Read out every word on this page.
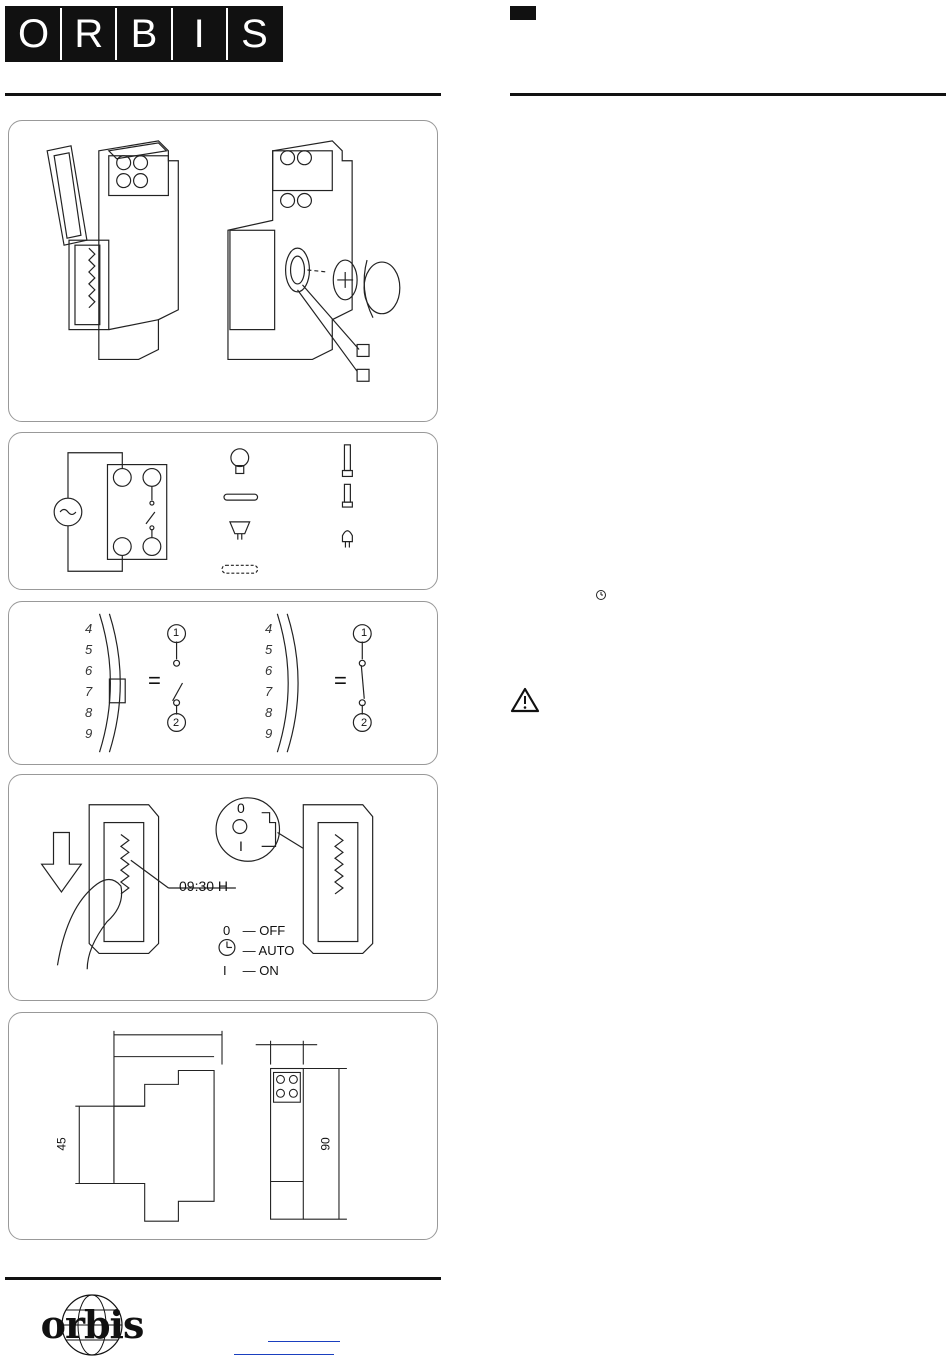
O R B I S
4
5
6
7
8
9
4
5
6
7
8
9
=	=
1
2
1
2
0
I
09:30 H
0 — OFF
— AUTO
I — ON
45	90
orbis
